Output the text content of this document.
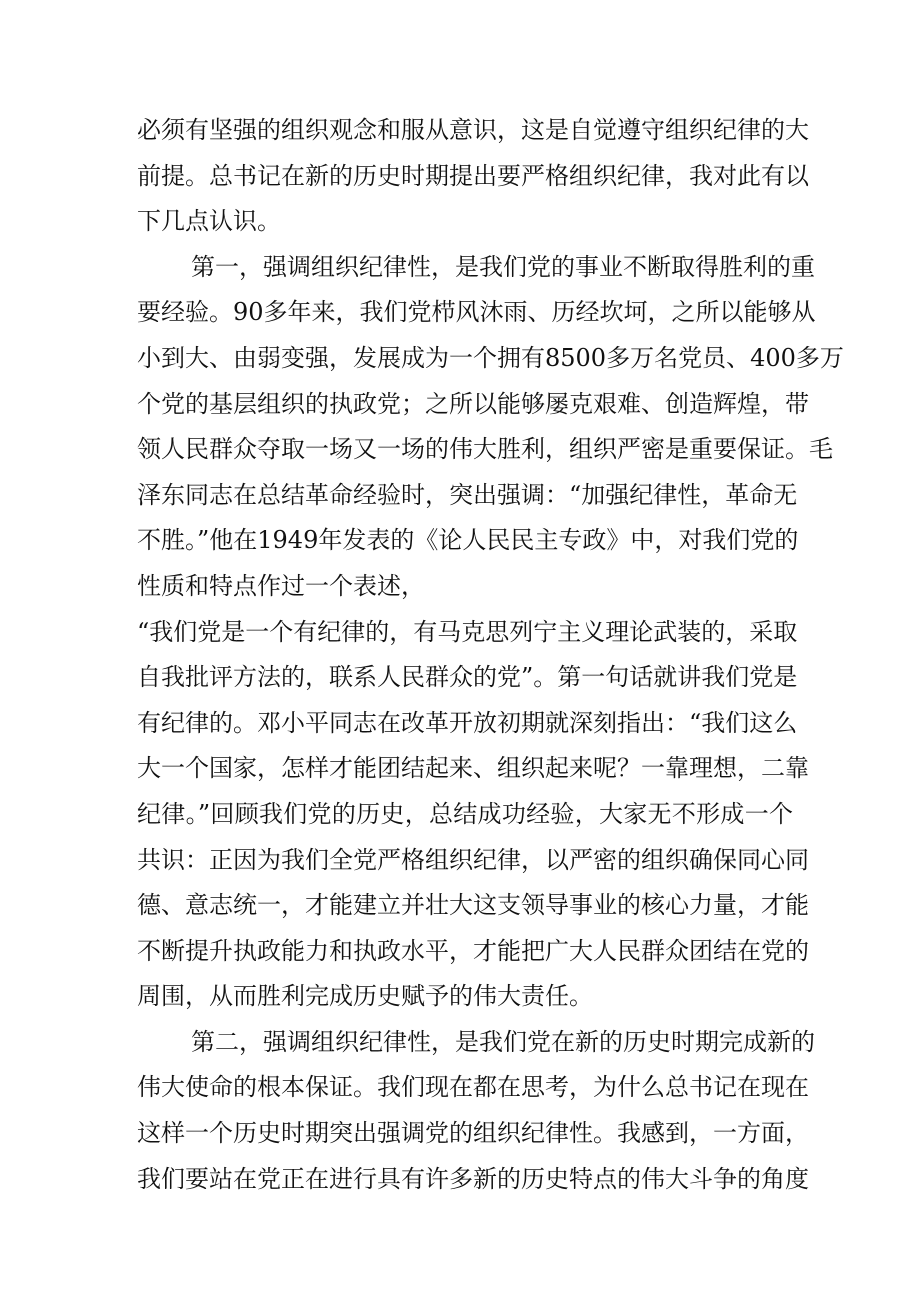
必须有坚强的组织观念和服从意识，这是自觉遵守组织纪律的大
前提。总书记在新的历史时期提出要严格组织纪律，我对此有以
下几点认识。
第一，强调组织纪律性，是我们党的事业不断取得胜利的重
要经验。90多年来，我们党栉风沐雨、历经坎坷，之所以能够从
小到大、由弱变强，发展成为一个拥有8500多万名党员、400多万
个党的基层组织的执政党；之所以能够屡克艰难、创造辉煌，带
领人民群众夺取一场又一场的伟大胜利，组织严密是重要保证。毛
泽东同志在总结革命经验时，突出强调：“加强纪律性，革命无
不胜。”他在1949年发表的《论人民民主专政》中，对我们党的
性质和特点作过一个表述，
“我们党是一个有纪律的，有马克思列宁主义理论武装的，采取
自我批评方法的，联系人民群众的党”。第一句话就讲我们党是
有纪律的。邓小平同志在改革开放初期就深刻指出：“我们这么
大一个国家，怎样才能团结起来、组织起来呢？一靠理想，二靠
纪律。”回顾我们党的历史，总结成功经验，大家无不形成一个
共识：正因为我们全党严格组织纪律，以严密的组织确保同心同
德、意志统一，才能建立并壮大这支领导事业的核心力量，才能
不断提升执政能力和执政水平，才能把广大人民群众团结在党的
周围，从而胜利完成历史赋予的伟大责任。
第二，强调组织纪律性，是我们党在新的历史时期完成新的
伟大使命的根本保证。我们现在都在思考，为什么总书记在现在
这样一个历史时期突出强调党的组织纪律性。我感到，一方面，
我们要站在党正在进行具有许多新的历史特点的伟大斗争的角度
